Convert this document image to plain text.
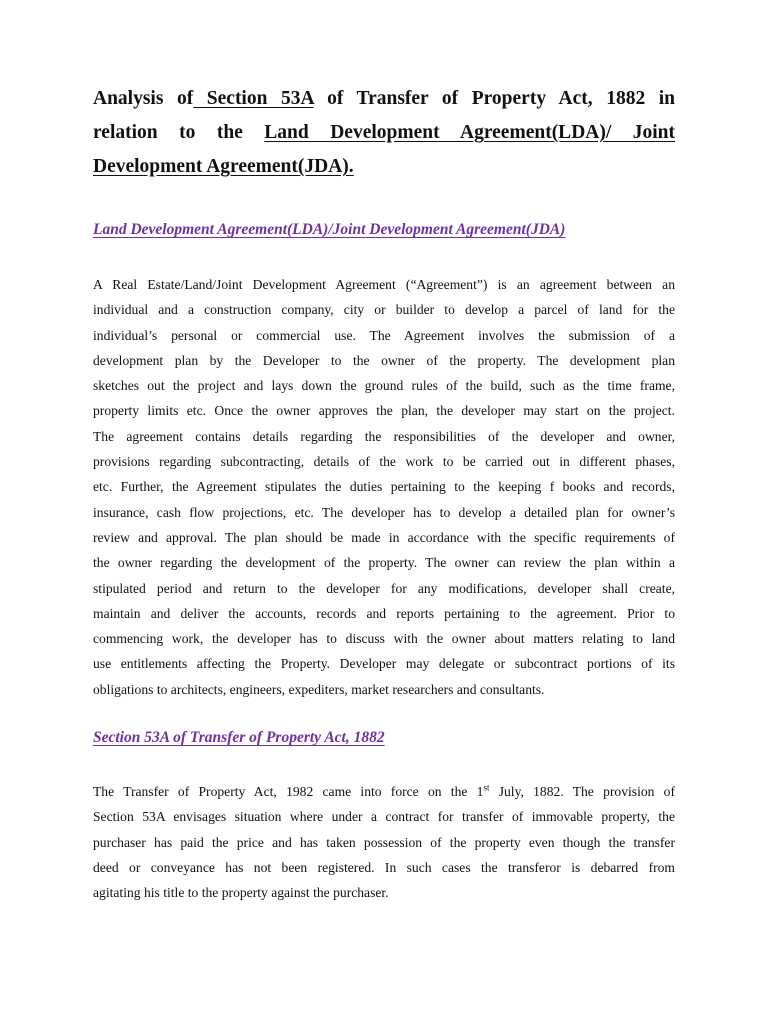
Analysis of Section 53A of Transfer of Property Act, 1882 in
relation to the Land Development Agreement(LDA)/ Joint
Development Agreement(JDA).
Land Development Agreement(LDA)/Joint Development Agreement(JDA)

A Real Estate/Land/Joint Development Agreement (“Agreement”) is an agreement between an
individual and a construction company, city or builder to develop a parcel of land for the
individual’s personal or commercial use. The Agreement involves the submission of a
development plan by the Developer to the owner of the property. The development plan
sketches out the project and lays down the ground rules of the build, such as the time frame,
property limits etc. Once the owner approves the plan, the developer may start on the project.
The agreement contains details regarding the responsibilities of the developer and owner,
provisions regarding subcontracting, details of the work to be carried out in different phases,
etc. Further, the Agreement stipulates the duties pertaining to the keeping f books and records,
insurance, cash flow projections, etc. The developer has to develop a detailed plan for owner’s
review and approval. The plan should be made in accordance with the specific requirements of
the owner regarding the development of the property. The owner can review the plan within a
stipulated period and return to the developer for any modifications, developer shall create,
maintain and deliver the accounts, records and reports pertaining to the agreement. Prior to
commencing work, the developer has to discuss with the owner about matters relating to land
use entitlements affecting the Property. Developer may delegate or subcontract portions of its
obligations to architects, engineers, expediters, market researchers and consultants.

Section 53A of Transfer of Property Act, 1882

The Transfer of Property Act, 1982 came into force on the 1st July, 1882. The provision of
Section 53A envisages situation where under a contract for transfer of immovable property, the
purchaser has paid the price and has taken possession of the property even though the transfer
deed or conveyance has not been registered. In such cases the transferor is debarred from
agitating his title to the property against the purchaser.
